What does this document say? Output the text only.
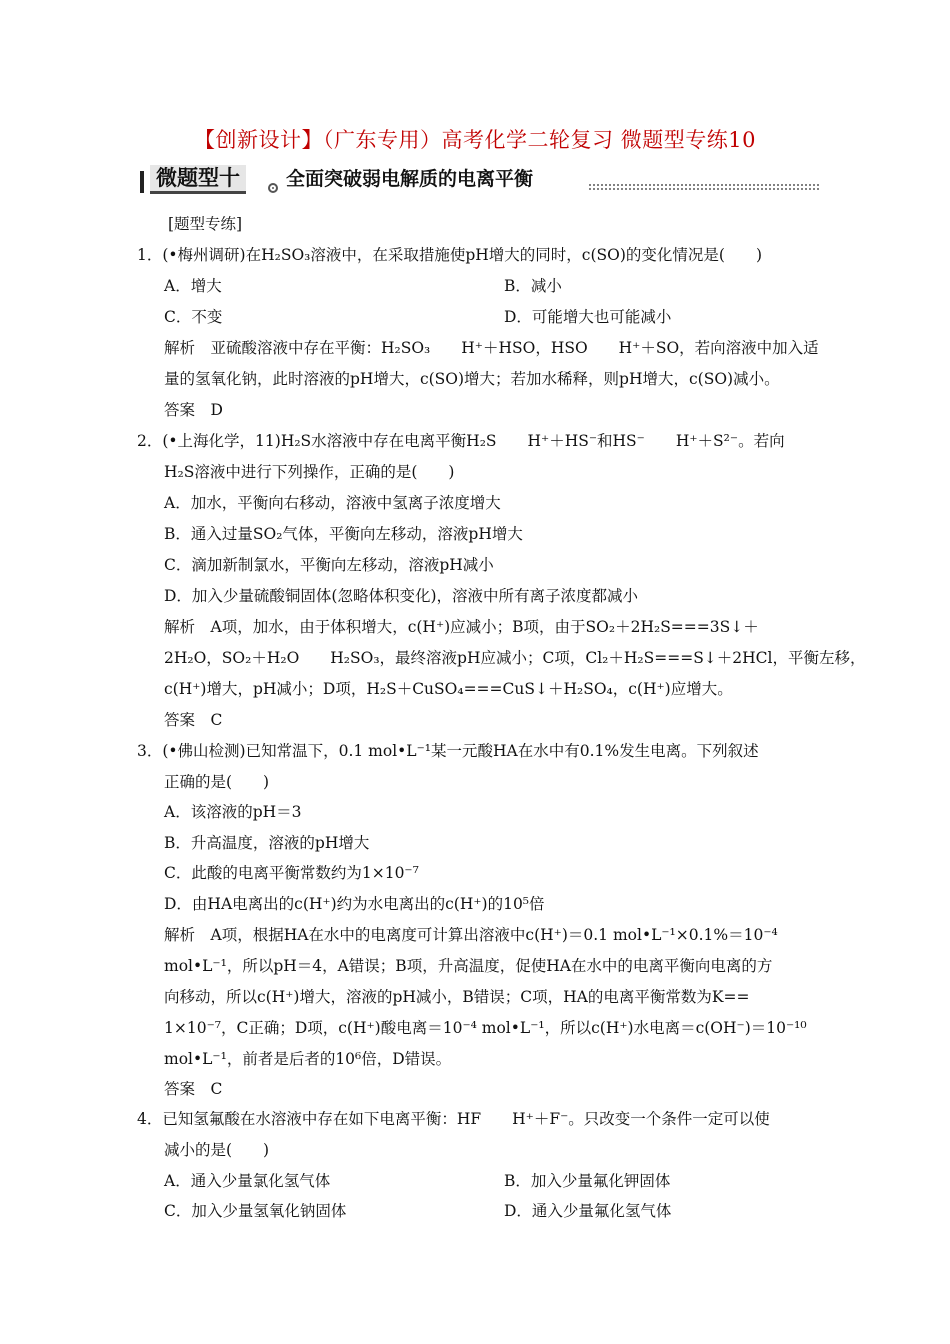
【创新设计】（广东专用）高考化学二轮复习 微题型专练10
微题型十	全面突破弱电解质的电离平衡
[题型专练]
1．(•梅州调研)在H₂SO₃溶液中，在采取措施使pH增大的同时，c(SO)的变化情况是(　　)
A．增大	B．减小
C．不变	D．可能增大也可能减小
解析　亚硫酸溶液中存在平衡：H₂SO₃　　H⁺＋HSO，HSO　　H⁺＋SO，若向溶液中加入适
量的氢氧化钠，此时溶液的pH增大，c(SO)增大；若加水稀释，则pH增大，c(SO)减小。
答案　D
2．(•上海化学，11)H₂S水溶液中存在电离平衡H₂S　　H⁺＋HS⁻和HS⁻　　H⁺＋S²⁻。若向
H₂S溶液中进行下列操作，正确的是(　　)
A．加水，平衡向右移动，溶液中氢离子浓度增大
B．通入过量SO₂气体，平衡向左移动，溶液pH增大
C．滴加新制氯水，平衡向左移动，溶液pH减小
D．加入少量硫酸铜固体(忽略体积变化)，溶液中所有离子浓度都减小
解析　A项，加水，由于体积增大，c(H⁺)应减小；B项，由于SO₂＋2H₂S===3S↓＋
2H₂O，SO₂＋H₂O　　H₂SO₃，最终溶液pH应减小；C项，Cl₂＋H₂S===S↓＋2HCl，平衡左移，
c(H⁺)增大，pH减小；D项，H₂S＋CuSO₄===CuS↓＋H₂SO₄，c(H⁺)应增大。
答案　C
3．(•佛山检测)已知常温下，0.1 mol•L⁻¹某一元酸HA在水中有0.1%发生电离。下列叙述
正确的是(　　)
A．该溶液的pH＝3
B．升高温度，溶液的pH增大
C．此酸的电离平衡常数约为1×10⁻⁷
D．由HA电离出的c(H⁺)约为水电离出的c(H⁺)的10⁵倍
解析　A项，根据HA在水中的电离度可计算出溶液中c(H⁺)＝0.1 mol•L⁻¹×0.1%＝10⁻⁴
mol•L⁻¹，所以pH＝4，A错误；B项，升高温度，促使HA在水中的电离平衡向电离的方
向移动，所以c(H⁺)增大，溶液的pH减小，B错误；C项，HA的电离平衡常数为K==
1×10⁻⁷，C正确；D项，c(H⁺)酸电离＝10⁻⁴ mol•L⁻¹，所以c(H⁺)水电离＝c(OH⁻)＝10⁻¹⁰
mol•L⁻¹，前者是后者的10⁶倍，D错误。
答案　C
4．已知氢氟酸在水溶液中存在如下电离平衡：HF　　H⁺＋F⁻。只改变一个条件一定可以使
减小的是(　　)
A．通入少量氯化氢气体	B．加入少量氟化钾固体
C．加入少量氢氧化钠固体	D．通入少量氟化氢气体
